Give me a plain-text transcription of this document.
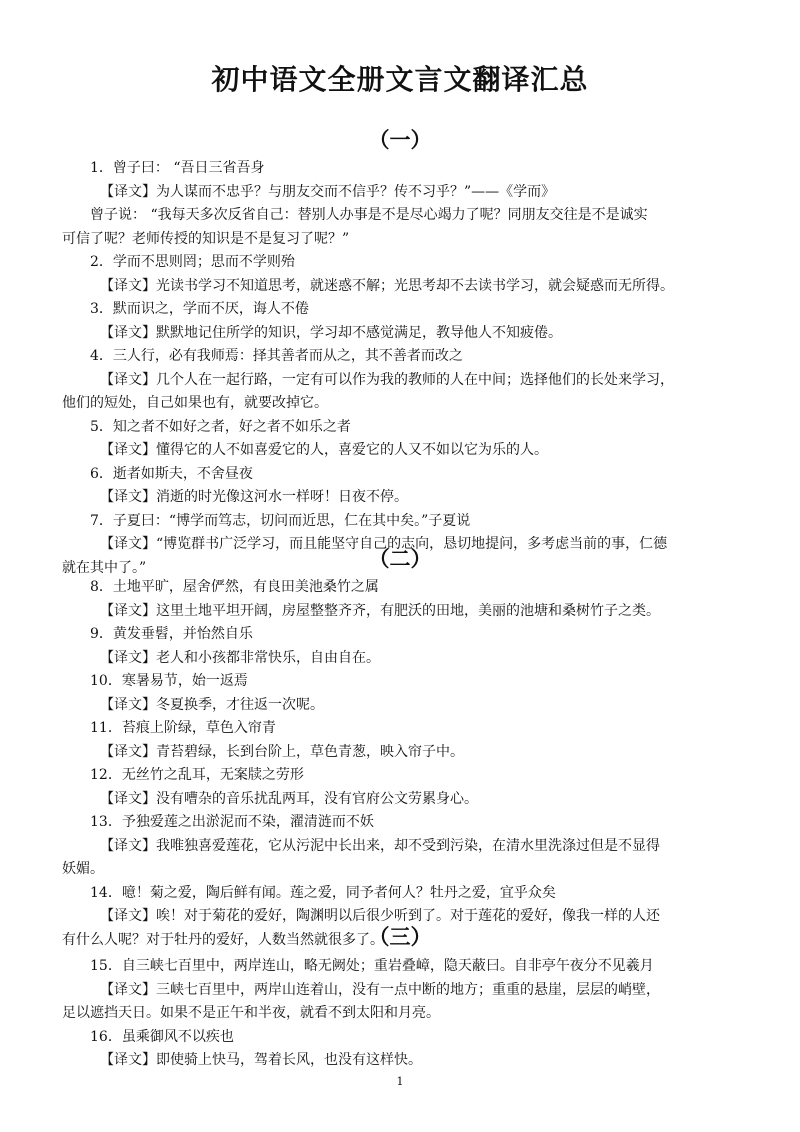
初中语文全册文言文翻译汇总
（一）
1．曾子曰： “吾日三省吾身
【译文】为人谋而不忠乎？与朋友交而不信乎？传不习乎？”——《学而》
曾子说： “我每天多次反省自己：替别人办事是不是尽心竭力了呢？同朋友交往是不是诚实
可信了呢？老师传授的知识是不是复习了呢？”
2．学而不思则罔；思而不学则殆
【译文】光读书学习不知道思考，就迷惑不解；光思考却不去读书学习，就会疑惑而无所得。
3．默而识之，学而不厌，诲人不倦
【译文】默默地记住所学的知识，学习却不感觉满足，教导他人不知疲倦。
4．三人行，必有我师焉：择其善者而从之，其不善者而改之
【译文】几个人在一起行路，一定有可以作为我的教师的人在中间；选择他们的长处来学习，
他们的短处，自己如果也有，就要改掉它。
5．知之者不如好之者，好之者不如乐之者
【译文】懂得它的人不如喜爱它的人，喜爱它的人又不如以它为乐的人。
6．逝者如斯夫，不舍昼夜
【译文】消逝的时光像这河水一样呀！日夜不停。
7．子夏曰：“博学而笃志，切问而近思，仁在其中矣。”子夏说
【译文】“博览群书广泛学习，而且能坚守自己的志向，恳切地提问，多考虑当前的事，仁德
就在其中了。”	（二）
8．土地平旷，屋舍俨然，有良田美池桑竹之属
【译文】这里土地平坦开阔，房屋整整齐齐，有肥沃的田地，美丽的池塘和桑树竹子之类。
9．黄发垂髫，并怡然自乐
【译文】老人和小孩都非常快乐，自由自在。
10．寒暑易节，始一返焉
【译文】冬夏换季，才往返一次呢。
11．苔痕上阶绿，草色入帘青
【译文】青苔碧绿，长到台阶上，草色青葱，映入帘子中。
12．无丝竹之乱耳，无案牍之劳形
【译文】没有嘈杂的音乐扰乱两耳，没有官府公文劳累身心。
13．予独爱莲之出淤泥而不染，濯清涟而不妖
【译文】我唯独喜爱莲花，它从污泥中长出来，却不受到污染，在清水里洗涤过但是不显得
妖媚。
14．噫！菊之爱，陶后鲜有闻。莲之爱，同予者何人？牡丹之爱，宜乎众矣
【译文】唉！对于菊花的爱好，陶渊明以后很少听到了。对于莲花的爱好，像我一样的人还
有什么人呢？对于牡丹的爱好，人数当然就很多了。
（三）
15．自三峡七百里中，两岸连山，略无阙处；重岩叠嶂，隐天蔽曰。自非亭午夜分不见羲月
【译文】三峡七百里中，两岸山连着山，没有一点中断的地方；重重的悬崖，层层的峭壁，
足以遮挡天日。如果不是正午和半夜，就看不到太阳和月亮。
16．虽乘御风不以疾也
【译文】即使骑上快马，驾着长风，也没有这样快。
1
